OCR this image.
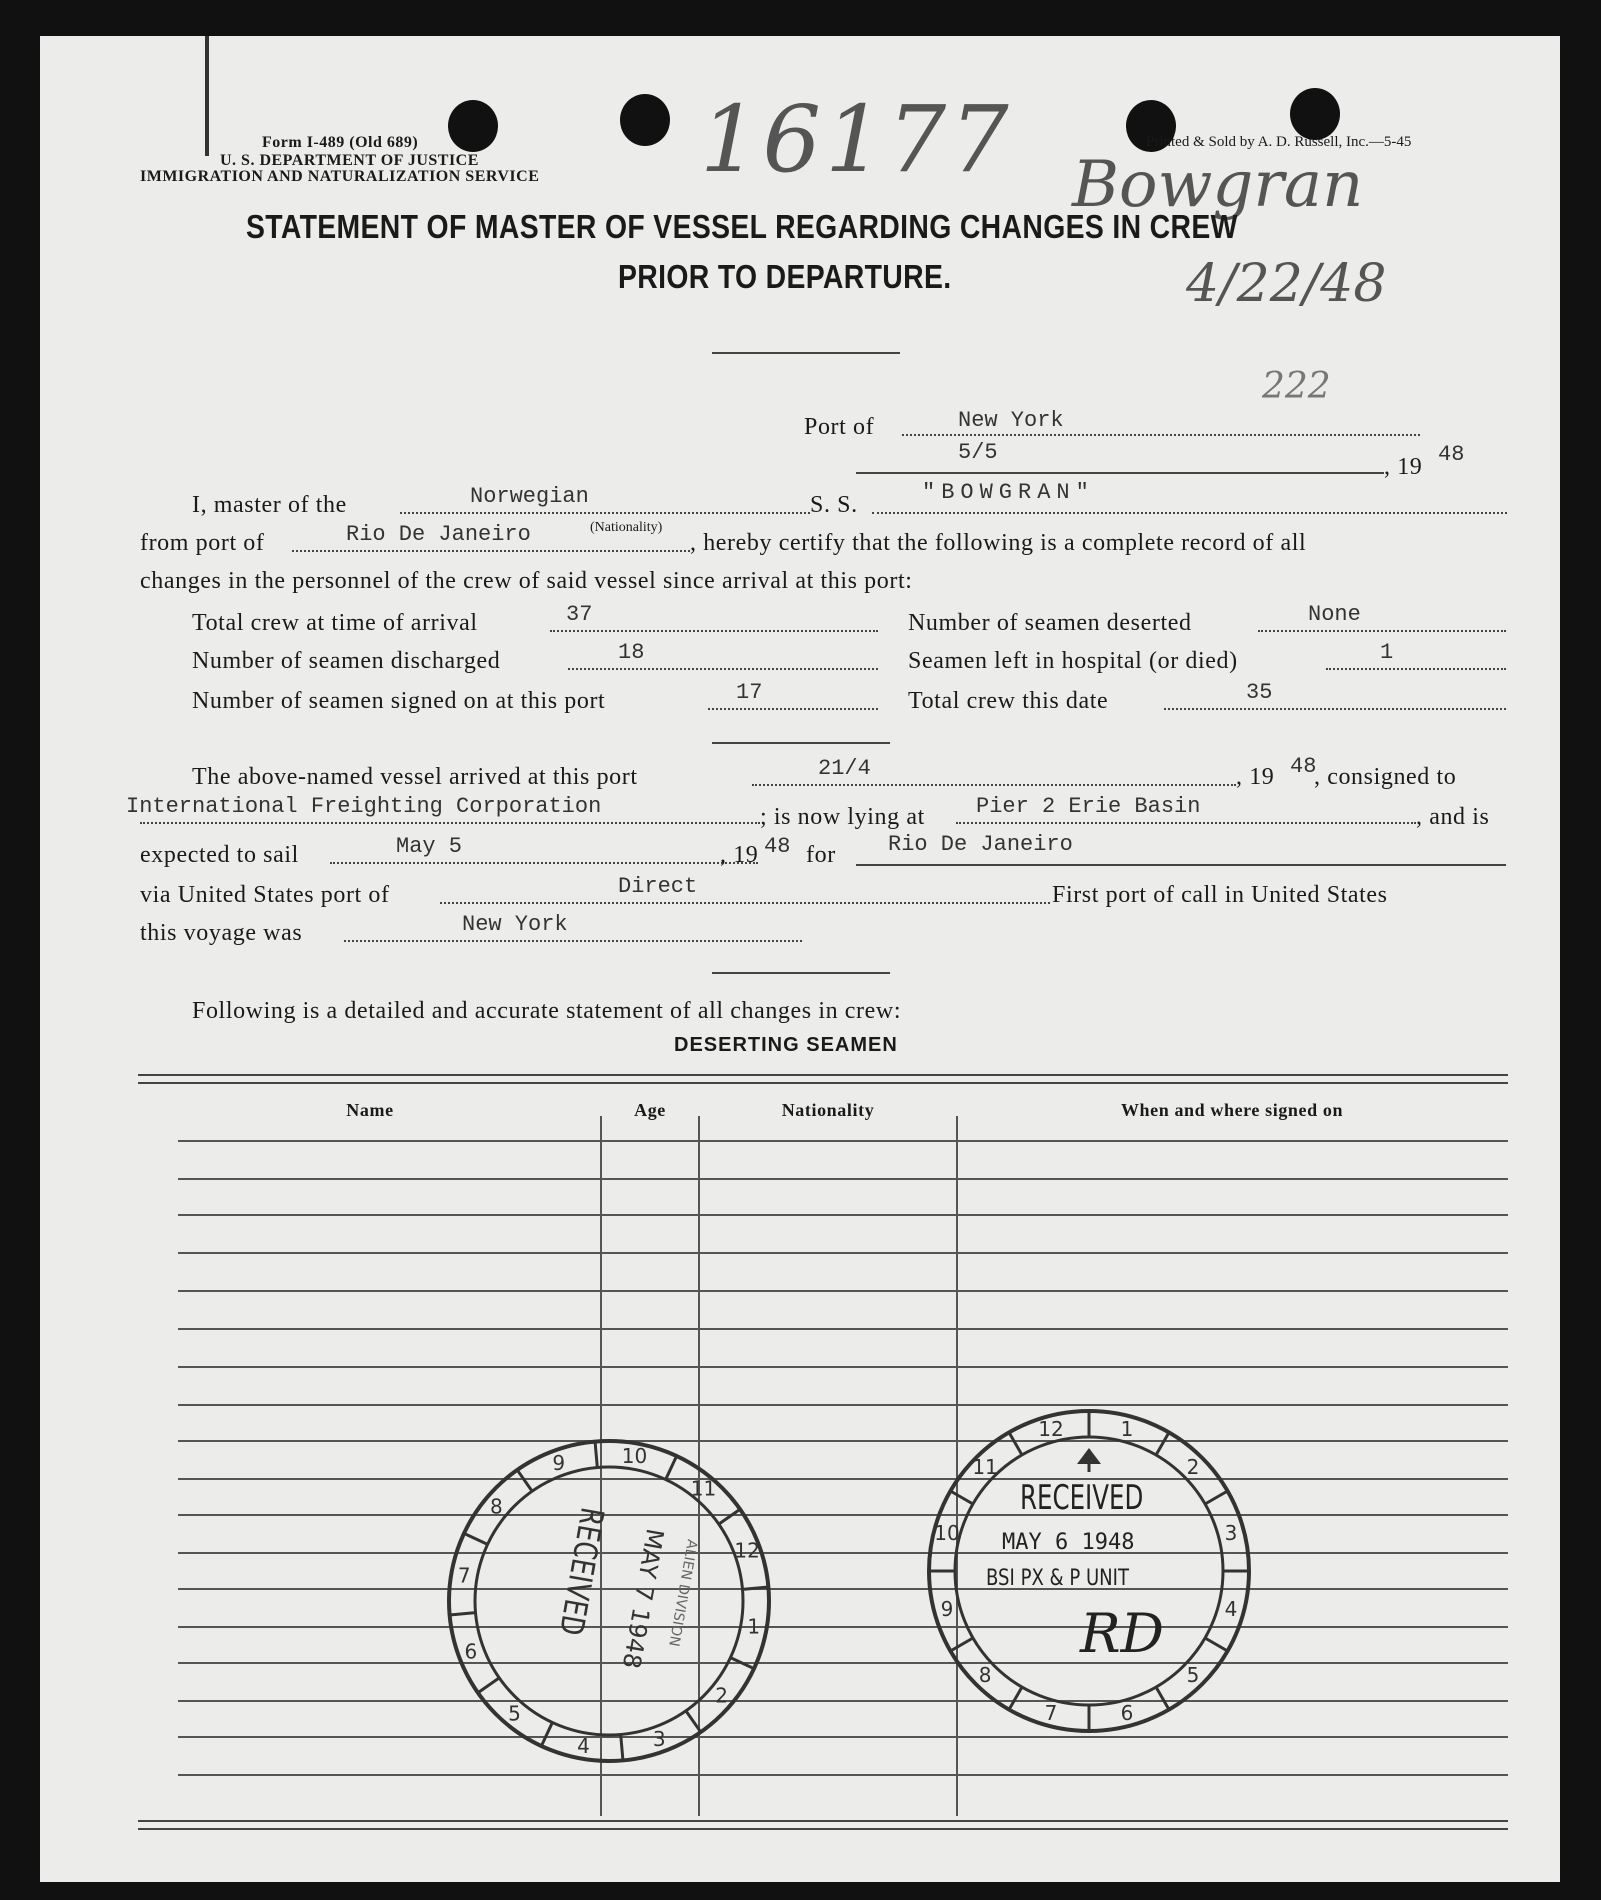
Form I-489 (Old 689)
U. S. DEPARTMENT OF JUSTICE
IMMIGRATION AND NATURALIZATION SERVICE
Printed & Sold by A. D. Russell, Inc.—5-45
16177 Bowgran
4/22/48
222
STATEMENT OF MASTER OF VESSEL REGARDING CHANGES IN CREW
PRIOR TO DEPARTURE.
Port of	New York
5/5
, 19 48
I, master of the	Norwegian	S. S.	"BOWGRAN"
(Nationality)
from port of	Rio De Janeiro	, hereby certify that the following is a complete record of all
changes in the personnel of the crew of said vessel since arrival at this port:
Total crew at time of arrival	37	Number of seamen deserted	None
Number of seamen discharged	18	Seamen left in hospital (or died)	1
Number of seamen signed on at this port	17	Total crew this date	35
The above-named vessel arrived at this port	21/4	, 19 48
, consigned to
International Freighting Corporation	; is now lying at Pier 2 Erie Basin	, and is
expected to sail	May 5	, 19 48 for Rio De Janeiro
via United States port of	Direct	First port of call in United States
this voyage was	New York
Following is a detailed and accurate statement of all changes in crew:
DESERTING SEAMEN
Name	Age	Nationality	When and where signed on
1
2
3
4
5
6
7
8
9	10
11
12
RECEIVED MAY 7 1948
ALIEN DIVISION
1
2
3
4
5
6
7
8
9
10
11
12
RECEIVED
MAY 6 1948
BSI PX & P UNIT
RD
